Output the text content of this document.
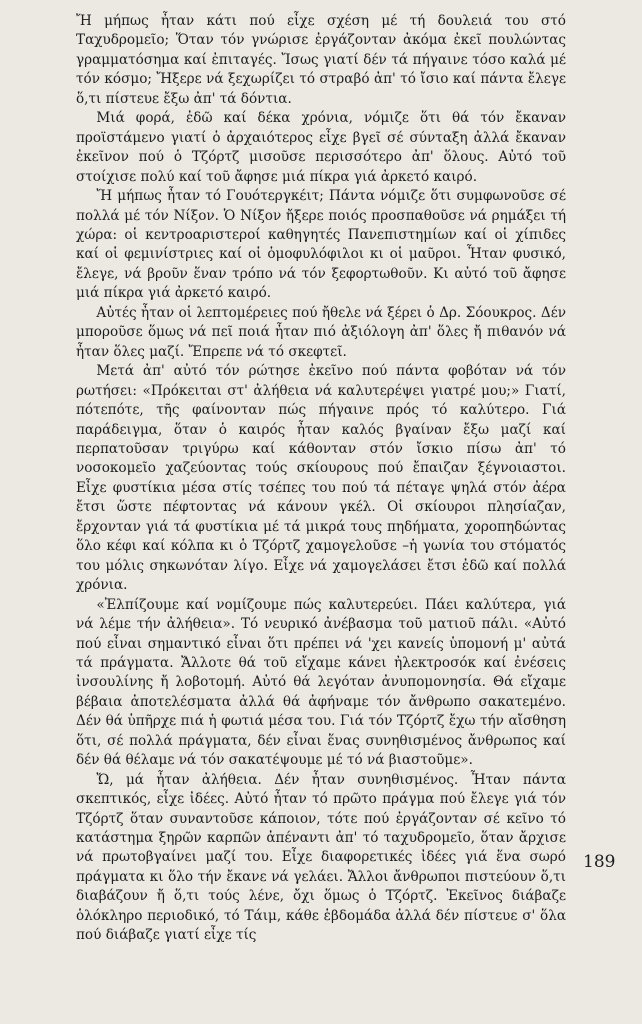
Ἤ μήπως ἦταν κάτι πού εἶχε σχέση μέ τή δουλειά του στό Ταχυδρομεῖο; Ὅταν τόν γνώρισε ἐργάζονταν ἀκόμα ἐκεῖ πουλώντας γραμματόσημα καί ἐπιταγές. Ἴσως γιατί δέν τά πήγαινε τόσο καλά μέ τόν κόσμο; Ἤξερε νά ξεχωρίζει τό στραβό ἀπ' τό ἴσιο καί πάντα ἔλεγε ὅ,τι πίστευε ἔξω ἀπ' τά δόντια.

Μιά φορά, ἐδῶ καί δέκα χρόνια, νόμιζε ὅτι θά τόν ἔκαναν προϊστάμενο γιατί ὁ ἀρχαιότερος εἶχε βγεῖ σέ σύνταξη ἀλλά ἔκαναν ἐκεῖνον πού ὁ Τζόρτζ μισοῦσε περισσότερο ἀπ' ὅλους. Αὐτό τοῦ στοίχισε πολύ καί τοῦ ἄφησε μιά πίκρα γιά ἀρκετό καιρό.

Ἤ μήπως ἦταν τό Γουότεργκέιτ; Πάντα νόμιζε ὅτι συμφωνοῦσε σέ πολλά μέ τόν Νίξον. Ὁ Νίξον ἤξερε ποιός προσπαθοῦσε νά ρημάξει τή χώρα: οἱ κεντροαριστεροί καθηγητές Πανεπιστημίων καί οἱ χίπιδες καί οἱ φεμινίστριες καί οἱ ὁμοφυλόφιλοι κι οἱ μαῦροι. Ἦταν φυσικό, ἔλεγε, νά βροῦν ἕναν τρόπο νά τόν ξεφορτωθοῦν. Κι αὐτό τοῦ ἄφησε μιά πίκρα γιά ἀρκετό καιρό.

Αὐτές ἦταν οἱ λεπτομέρειες πού ἤθελε νά ξέρει ὁ Δρ. Σόουκρος. Δέν μποροῦσε ὅμως νά πεῖ ποιά ἦταν πιό ἀξιόλογη ἀπ' ὅλες ἤ πιθανόν νά ἦταν ὅλες μαζί. Ἔπρεπε νά τό σκεφτεῖ.

Μετά ἀπ' αὐτό τόν ρώτησε ἐκεῖνο πού πάντα φοβόταν νά τόν ρωτήσει: «Πρόκειται στ' ἀλήθεια νά καλυτερέψει γιατρέ μου;» Γιατί, πότεπότε, τῆς φαίνονταν πώς πήγαινε πρός τό καλύτερο. Γιά παράδειγμα, ὅταν ὁ καιρός ἦταν καλός βγαίναν ἔξω μαζί καί περπατοῦσαν τριγύρω καί κάθονταν στόν ἴσκιο πίσω ἀπ' τό νοσοκομεῖο χαζεύοντας τούς σκίουρους πού ἔπαιζαν ξέγνοιαστοι. Εἶχε φυστίκια μέσα στίς τσέπες του πού τά πέταγε ψηλά στόν ἀέρα ἔτσι ὥστε πέφτοντας νά κάνουν γκέλ. Οἱ σκίουροι πλησίαζαν, ἔρχονταν γιά τά φυστίκια μέ τά μικρά τους πηδήματα, χοροπηδώντας ὅλο κέφι καί κόλπα κι ὁ Τζόρτζ χαμογελοῦσε –ἡ γωνία του στόματός του μόλις σηκωνόταν λίγο. Εἶχε νά χαμογελάσει ἔτσι ἐδῶ καί πολλά χρόνια.

«Ἐλπίζουμε καί νομίζουμε πώς καλυτερεύει. Πάει καλύτερα, γιά νά λέμε τήν ἀλήθεια». Τό νευρικό ἀνέβασμα τοῦ ματιοῦ πάλι. «Αὐτό πού εἶναι σημαντικό εἶναι ὅτι πρέπει νά 'χει κανείς ὑπομονή μ' αὐτά τά πράγματα. Ἄλλοτε θά τοῦ εἴχαμε κάνει ἠλεκτροσόκ καί ἐνέσεις ἰνσουλίνης ἤ λοβοτομή. Αὐτό θά λεγόταν ἀνυπομονησία. Θά εἴχαμε βέβαια ἀποτελέσματα ἀλλά θά ἀφήναμε τόν ἄνθρωπο σακατεμένο. Δέν θά ὑπῆρχε πιά ἡ φωτιά μέσα του. Γιά τόν Τζόρτζ ἔχω τήν αἴσθηση ὅτι, σέ πολλά πράγματα, δέν εἶναι ἕνας συνηθισμένος ἄνθρωπος καί δέν θά θέλαμε νά τόν σακατέψουμε μέ τό νά βιαστοῦμε».

Ὤ, μά ἦταν ἀλήθεια. Δέν ἦταν συνηθισμένος. Ἦταν πάντα σκεπτικός, εἶχε ἰδέες. Αὐτό ἦταν τό πρῶτο πράγμα πού ἔλεγε γιά τόν Τζόρτζ ὅταν συναντοῦσε κάποιον, τότε πού ἐργάζονταν σέ κεῖνο τό κατάστημα ξηρῶν καρπῶν ἀπέναντι ἀπ' τό ταχυδρομεῖο, ὅταν ἄρχισε νά πρωτοβγαίνει μαζί του. Εἶχε διαφορετικές ἰδέες γιά ἕνα σωρό πράγματα κι ὅλο τήν ἔκανε νά γελάει. Ἄλλοι ἄνθρωποι πιστεύουν ὅ,τι διαβάζουν ἤ ὅ,τι τούς λένε, ὄχι ὅμως ὁ Τζόρτζ. Ἐκεῖνος διάβαζε ὁλόκληρο περιοδικό, τό Τάιμ, κάθε ἑβδομάδα ἀλλά δέν πίστευε σ' ὅλα πού διάβαζε γιατί εἶχε τίς

189
